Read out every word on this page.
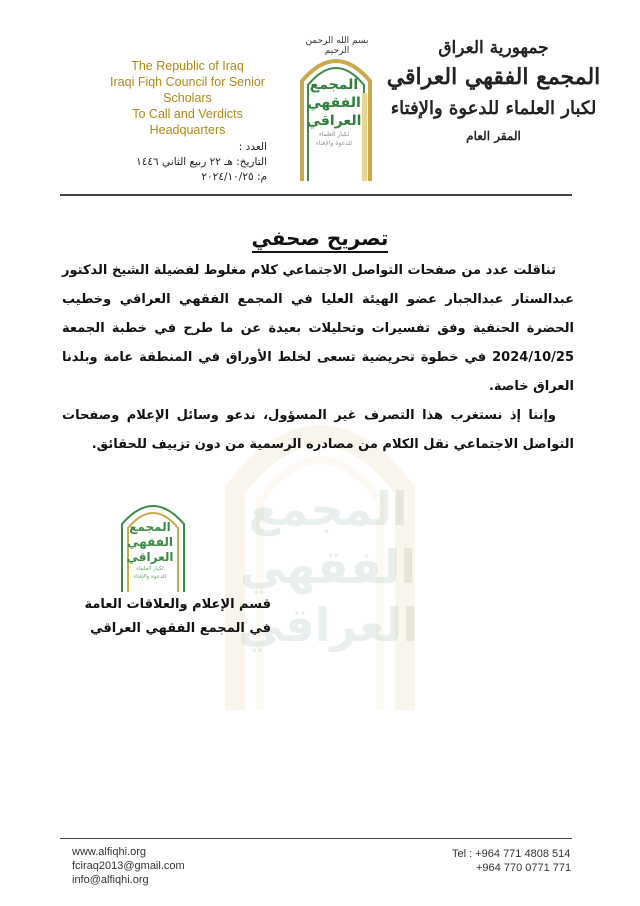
المجمع
الفقهي
العراقي
The Republic of Iraq
Iraqi Fiqh Council for Senior Scholars
To Call and Verdicts
Headquarters
بسم الله الرحمن الرحيم
المجمع
الفقهي
العراقي
لكبار العلماء
للدعوة والإفتاء
جمهورية العراق
المجمع الفقهي العراقي
لكبار العلماء للدعوة والإفتاء
المقر العام
العدد :
التاريخ: هـ ٢٢ ربيع الثاني ١٤٤٦
م: ٢٠٢٤/١٠/٢٥
تصريح صحفي

تناقلت عدد من صفحات التواصل الاجتماعي كلام مغلوط لفضيلة الشيخ الدكتور عبدالستار عبدالجبار عضو الهيئة العليا في المجمع الفقهي العراقي وخطيب الحضرة الحنفية وفق تفسيرات وتحليلات بعيدة عن ما طرح في خطبة الجمعة 2024/10/25 في خطوة تحريضية تسعى لخلط الأوراق في المنطقة عامة وبلدنا العراق خاصة.

وإننا إذ نستغرب هذا التصرف غير المسؤول، ندعو وسائل الإعلام وصفحات التواصل الاجتماعي نقل الكلام من مصادره الرسمية من دون تزييف للحقائق.

المجمع
الفقهي
العراقي
لكبار العلماء
للدعوة والإفتاء
قسم الإعلام والعلاقات العامة
في المجمع الفقهي العراقي
www.alfiqhi.org
fciraq2013@gmail.com
info@alfiqhi.org
Tel : +964 771 4808 514
+964 770 0771 771
